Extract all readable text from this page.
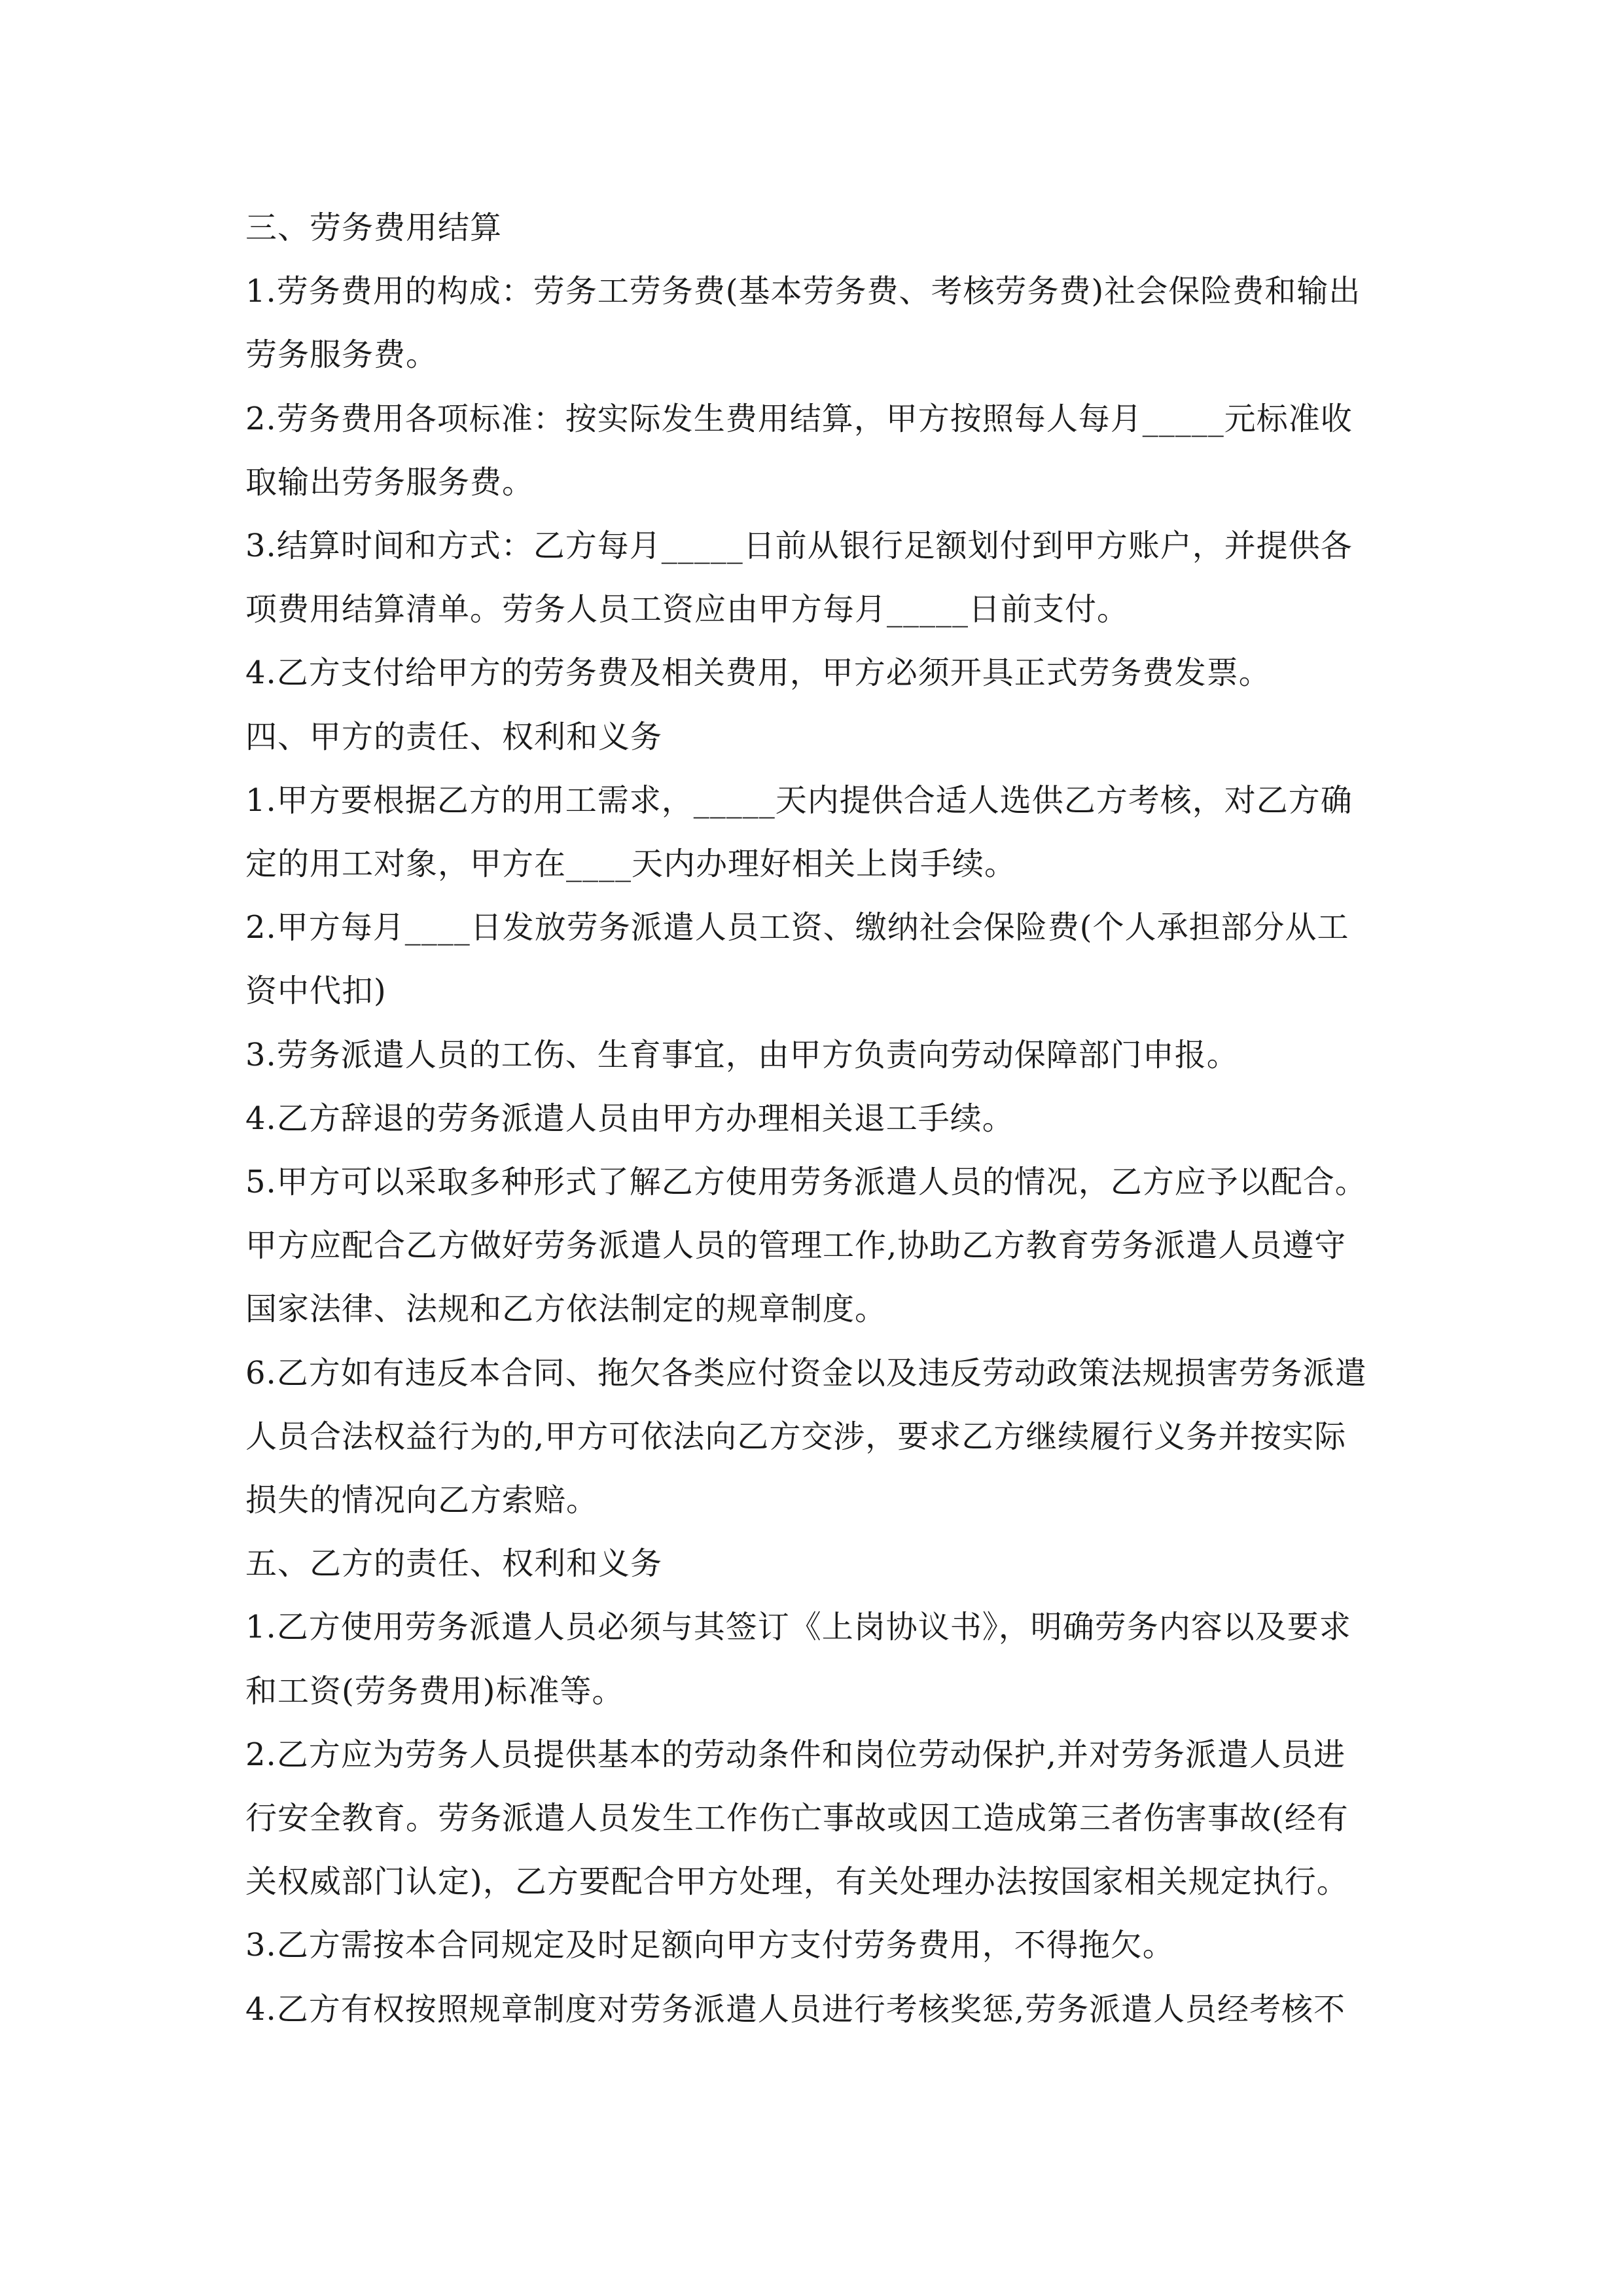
三、劳务费用结算

1.劳务费用的构成：劳务工劳务费(基本劳务费、考核劳务费)社会保险费和输出

劳务服务费。

2.劳务费用各项标准：按实际发生费用结算，甲方按照每人每月_____元标准收

取输出劳务服务费。

3.结算时间和方式：乙方每月_____日前从银行足额划付到甲方账户，并提供各

项费用结算清单。劳务人员工资应由甲方每月_____日前支付。

4.乙方支付给甲方的劳务费及相关费用，甲方必须开具正式劳务费发票。

四、甲方的责任、权利和义务

1.甲方要根据乙方的用工需求，_____天内提供合适人选供乙方考核，对乙方确

定的用工对象，甲方在____天内办理好相关上岗手续。

2.甲方每月____日发放劳务派遣人员工资、缴纳社会保险费(个人承担部分从工

资中代扣)

3.劳务派遣人员的工伤、生育事宜，由甲方负责向劳动保障部门申报。

4.乙方辞退的劳务派遣人员由甲方办理相关退工手续。

5.甲方可以采取多种形式了解乙方使用劳务派遣人员的情况，乙方应予以配合。

甲方应配合乙方做好劳务派遣人员的管理工作,协助乙方教育劳务派遣人员遵守

国家法律、法规和乙方依法制定的规章制度。

6.乙方如有违反本合同、拖欠各类应付资金以及违反劳动政策法规损害劳务派遣

人员合法权益行为的,甲方可依法向乙方交涉，要求乙方继续履行义务并按实际

损失的情况向乙方索赔。

五、乙方的责任、权利和义务

1.乙方使用劳务派遣人员必须与其签订《上岗协议书》，明确劳务内容以及要求

和工资(劳务费用)标准等。

2.乙方应为劳务人员提供基本的劳动条件和岗位劳动保护,并对劳务派遣人员进

行安全教育。劳务派遣人员发生工作伤亡事故或因工造成第三者伤害事故(经有

关权威部门认定)，乙方要配合甲方处理，有关处理办法按国家相关规定执行。

3.乙方需按本合同规定及时足额向甲方支付劳务费用，不得拖欠。

4.乙方有权按照规章制度对劳务派遣人员进行考核奖惩,劳务派遣人员经考核不
